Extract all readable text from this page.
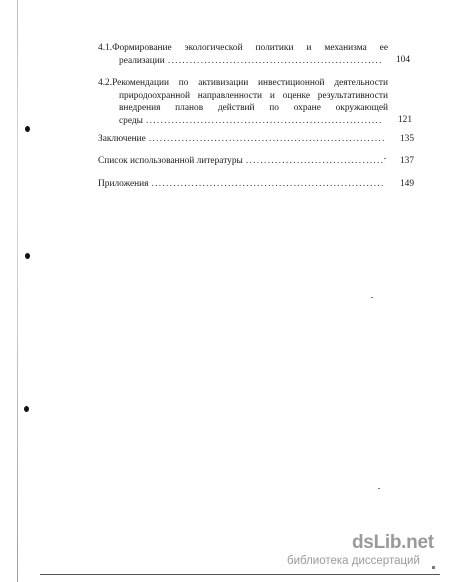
4.1.Формирование экологической политики и механизма ее
реализации .....	104
4.2.Рекомендации по активизации инвестиционной деятельности
природоохранной направленности и оценке результативности
внедрения планов действий по охране окружающей
среды .....	121
Заключение .....	135
Список использованной литературы .....	137
Приложения .....	149
dsLib.net
библиотека диссертаций
